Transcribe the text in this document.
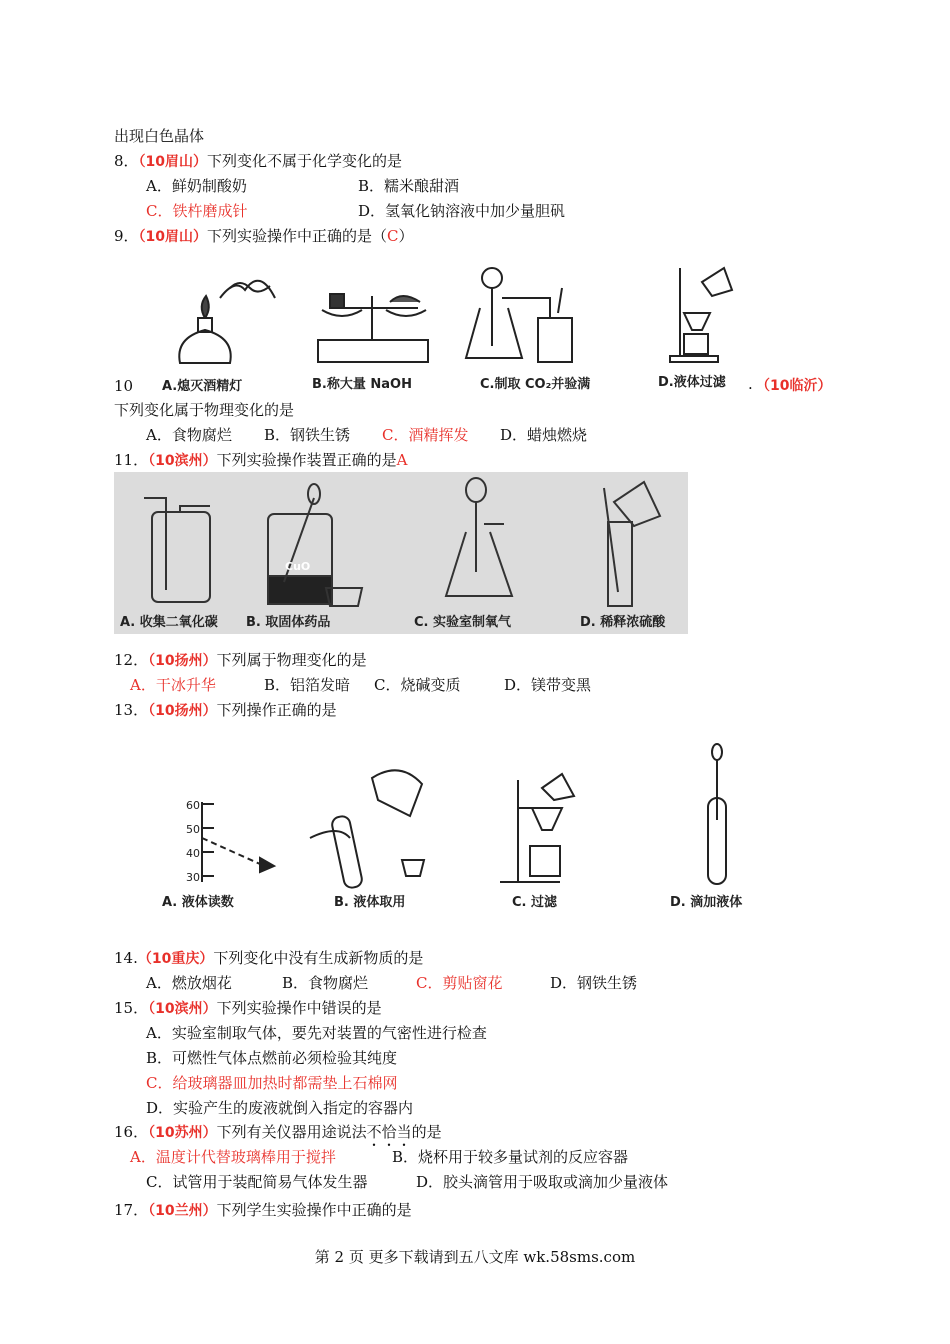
出现白色晶体
8．（10眉山）下列变化不属于化学变化的是
A．鲜奶制酸奶	B．糯米酿甜酒
C．铁杵磨成针	D．氢氧化钠溶液中加少量胆矾
9．（10眉山）下列实验操作中正确的是（C）
A.熄灭酒精灯	B.称大量 NaOH	C.制取 CO₂并验满	D.液体过滤
10	. （10临沂）
下列变化属于物理变化的是
A．食物腐烂 B．钢铁生锈 C．酒精挥发 D．蜡烛燃烧
11．（10滨州）下列实验操作装置正确的是A
CuO
A. 收集二氧化碳 B. 取固体药品	C. 实验室制氧气	D. 稀释浓硫酸
12．（10扬州）下列属于物理变化的是
A．干冰升华	B．铝箔发暗 C．烧碱变质	D．镁带变黑
13．（10扬州）下列操作正确的是
60
50
40
30
A. 液体读数	B. 液体取用	C. 过滤	D. 滴加液体
14.（10重庆）下列变化中没有生成新物质的是
A．燃放烟花	B．食物腐烂	C．剪贴窗花	D．钢铁生锈
15．（10滨州）下列实验操作中错误的是
A．实验室制取气体，要先对装置的气密性进行检查
B．可燃性气体点燃前必须检验其纯度
C．给玻璃器皿加热时都需垫上石棉网
D．实验产生的废液就倒入指定的容器内
16．（10苏州）下列有关仪器用途说法不恰当的是
A．温度计代替玻璃棒用于搅拌	B．烧杯用于较多量试剂的反应容器
C．试管用于装配简易气体发生器	D．胶头滴管用于吸取或滴加少量液体
17．（10兰州）下列学生实验操作中正确的是
第 2 页 更多下载请到五八文库 wk.58sms.com
